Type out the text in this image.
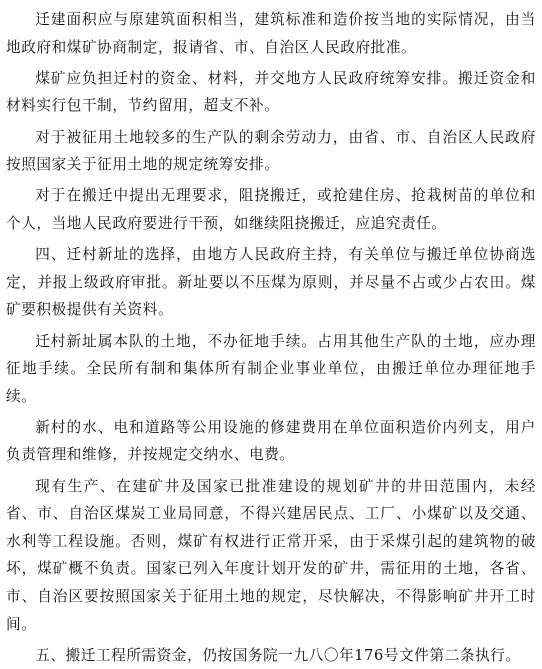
迁建面积应与原建筑面积相当，建筑标准和造价按当地的实际情况，由当地政府和煤矿协商制定，报请省、市、自治区人民政府批准。

煤矿应负担迁村的资金、材料，并交地方人民政府统筹安排。搬迁资金和材料实行包干制，节约留用，超支不补。

对于被征用土地较多的生产队的剩余劳动力，由省、市、自治区人民政府按照国家关于征用土地的规定统筹安排。

对于在搬迁中提出无理要求，阻挠搬迁，或抢建住房、抢栽树苗的单位和个人，当地人民政府要进行干预，如继续阻挠搬迁，应追究责任。

四、迁村新址的选择，由地方人民政府主持，有关单位与搬迁单位协商选定，并报上级政府审批。新址要以不压煤为原则，并尽量不占或少占农田。煤矿要积极提供有关资料。

迁村新址属本队的土地，不办征地手续。占用其他生产队的土地，应办理征地手续。全民所有制和集体所有制企业事业单位，由搬迁单位办理征地手续。

新村的水、电和道路等公用设施的修建费用在单位面积造价内列支，用户负责管理和维修，并按规定交纳水、电费。

现有生产、在建矿井及国家已批准建设的规划矿井的井田范围内，未经省、市、自治区煤炭工业局同意，不得兴建居民点、工厂、小煤矿以及交通、水利等工程设施。否则，煤矿有权进行正常开采，由于采煤引起的建筑物的破坏，煤矿概不负责。国家已列入年度计划开发的矿井，需征用的土地，各省、市、自治区要按照国家关于征用土地的规定，尽快解决，不得影响矿井开工时间。

五、搬迁工程所需资金，仍按国务院一九八〇年176号文件第二条执行。
